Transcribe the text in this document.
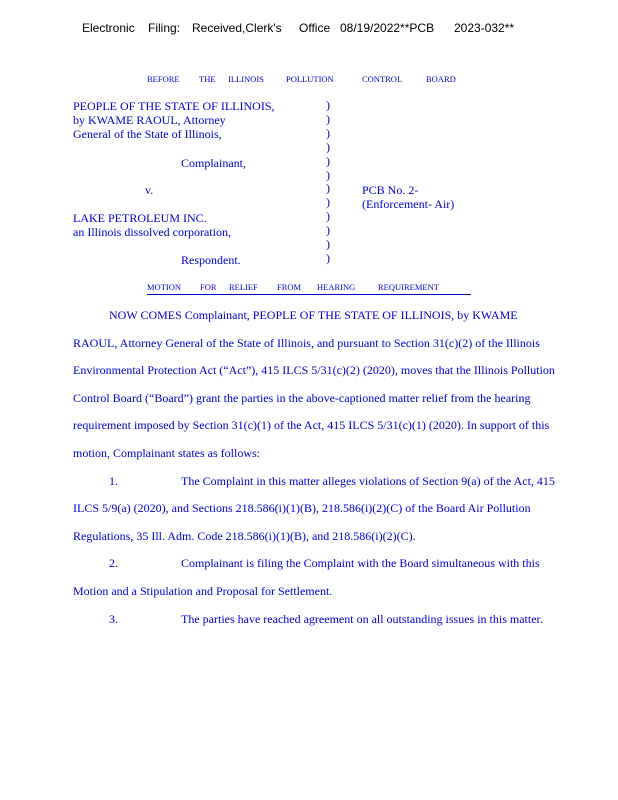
Electronic Filing: Received,Clerk's Office 08/19/2022**PCB 2023-032**
BEFORE THE ILLINOIS	POLLUTION	CONTROL	BOARD
PEOPLE OF THE STATE OF ILLINOIS,
by KWAME RAOUL, Attorney
General of the State of Illinois,
Complainant,
v.
LAKE PETROLEUM INC.
an Illinois dissolved corporation,
Respondent.
)
)
)
)
)
)
)
)
)
)
)
)
PCB No. 2-
(Enforcement- Air)
MOTION FOR RELIEF FROM HEARING	REQUIREMENT

NOW COMES Complainant, PEOPLE OF THE STATE OF ILLINOIS, by KWAME RAOUL, Attorney General of the State of Illinois, and pursuant to Section 31(c)(2) of the Illinois Environmental Protection Act (“Act”), 415 ILCS 5/31(c)(2) (2020), moves that the Illinois Pollution Control Board (“Board”) grant the parties in the above-captioned matter relief from the hearing requirement imposed by Section 31(c)(1) of the Act, 415 ILCS 5/31(c)(1) (2020). In support of this motion, Complainant states as follows:

1.	The Complaint in this matter alleges violations of Section 9(a) of the Act, 415 ILCS 5/9(a) (2020), and Sections 218.586(i)(1)(B), 218.586(i)(2)(C) of the Board Air Pollution Regulations, 35 Ill. Adm. Code 218.586(i)(1)(B), and 218.586(i)(2)(C).

2.	Complainant is filing the Complaint with the Board simultaneous with this Motion and a Stipulation and Proposal for Settlement.

3.	The parties have reached agreement on all outstanding issues in this matter.
